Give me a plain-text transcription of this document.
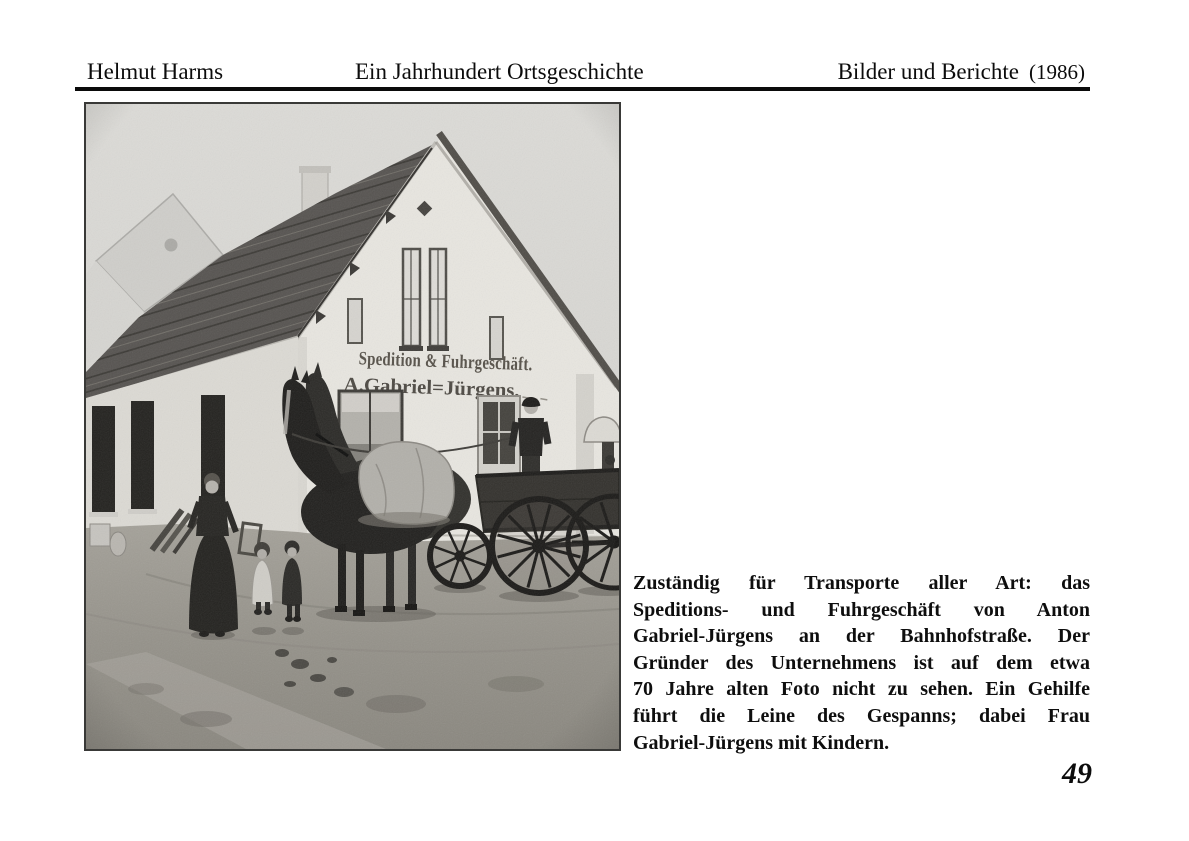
Helmut Harms	Ein Jahrhundert Ortsgeschichte	Bilder und Berichte (1986)
Zuständig für Transporte aller Art: das
Speditions- und Fuhrgeschäft von Anton
Gabriel-Jürgens an der Bahnhofstraße. Der
Gründer des Unternehmens ist auf dem etwa
70 Jahre alten Foto nicht zu sehen. Ein Gehilfe
führt die Leine des Gespanns; dabei Frau
Gabriel-Jürgens mit Kindern.
49
